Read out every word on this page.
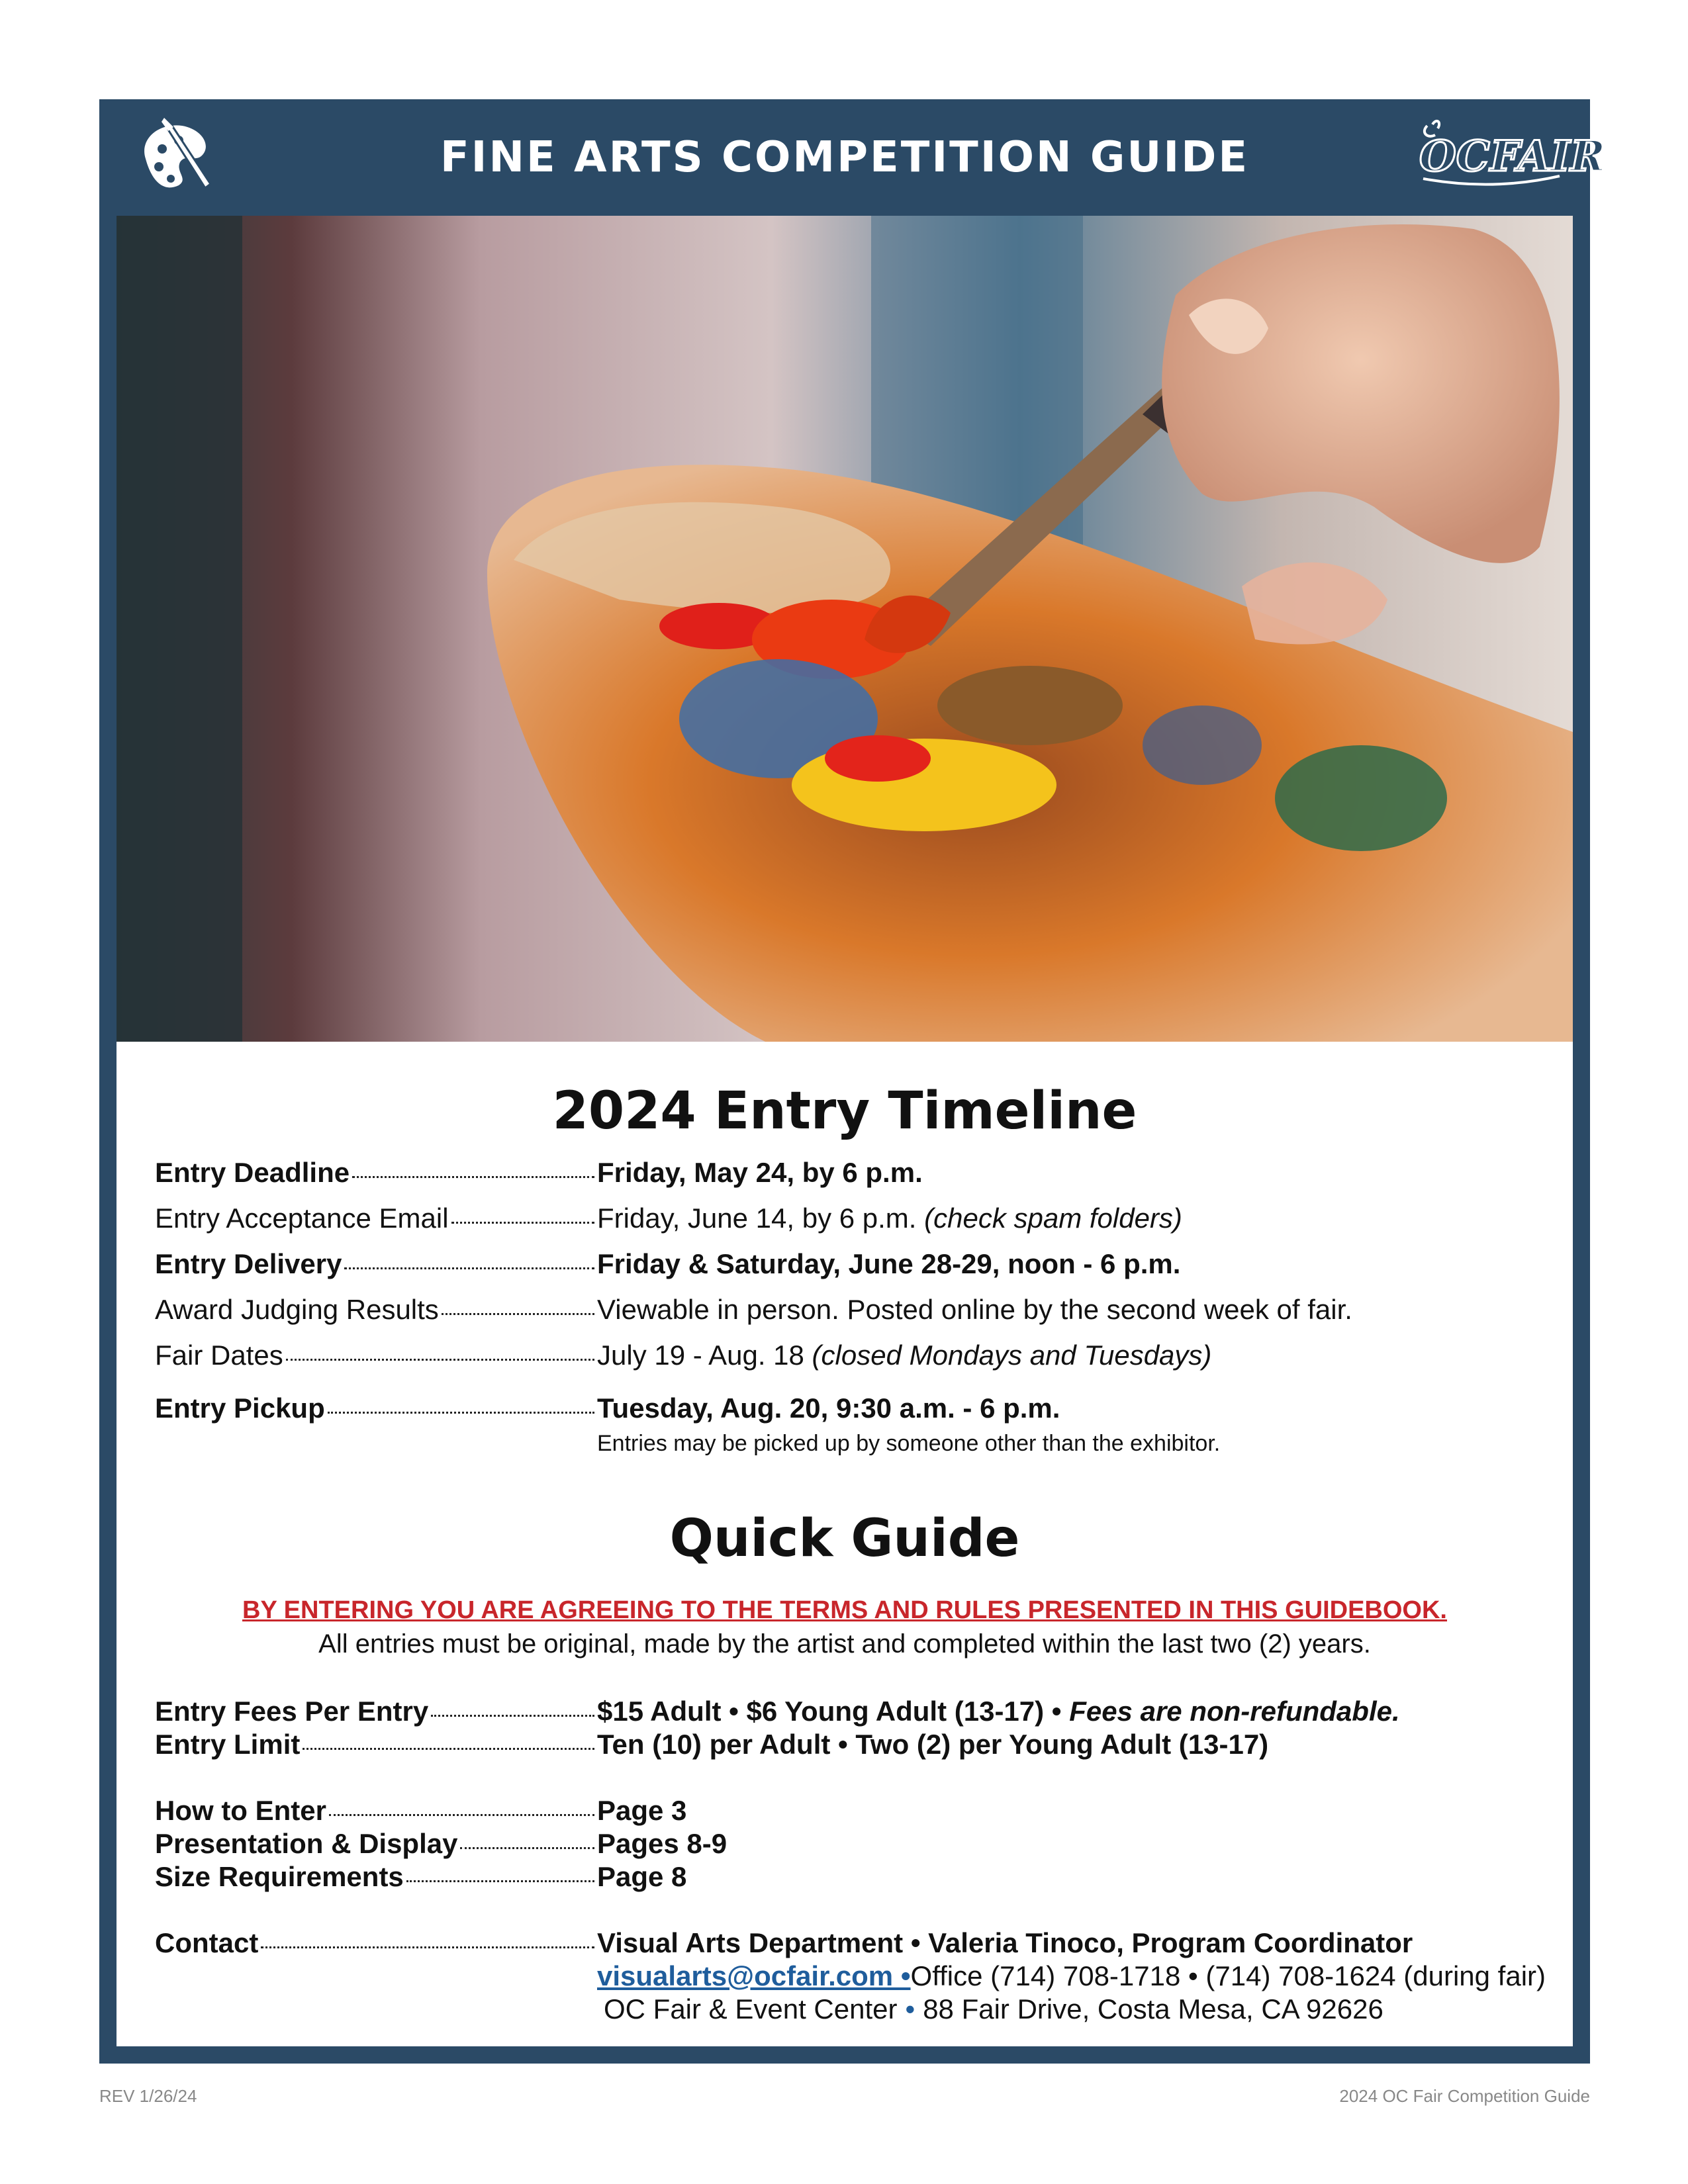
FINE ARTS COMPETITION GUIDE	OCFAIR
2024 Entry Timeline
Entry Deadline	Friday, May 24, by 6 p.m.
Entry Acceptance Email	Friday, June 14, by 6 p.m. (check spam folders)
Entry Delivery	Friday & Saturday, June 28-29, noon - 6 p.m.
Award Judging Results	Viewable in person. Posted online by the second week of fair.
Fair Dates	July 19 - Aug. 18 (closed Mondays and Tuesdays)
Entry Pickup	Tuesday, Aug. 20, 9:30 a.m. - 6 p.m.
Entries may be picked up by someone other than the exhibitor.
Quick Guide
BY ENTERING YOU ARE AGREEING TO THE TERMS AND RULES PRESENTED IN THIS GUIDEBOOK.
All entries must be original, made by the artist and completed within the last two (2) years.
Entry Fees Per Entry	$15 Adult • $6 Young Adult (13-17) • Fees are non-refundable.
Entry Limit	Ten (10) per Adult • Two (2) per Young Adult (13-17)
How to Enter	Page 3
Presentation & Display	Pages 8-9
Size Requirements	Page 8
Contact	Visual Arts Department • Valeria Tinoco, Program Coordinator
visualarts@ocfair.com • Office (714) 708-1718 • (714) 708-1624 (during fair)
OC Fair & Event Center • 88 Fair Drive, Costa Mesa, CA 92626
REV 1/26/24	2024 OC Fair Competition Guide
